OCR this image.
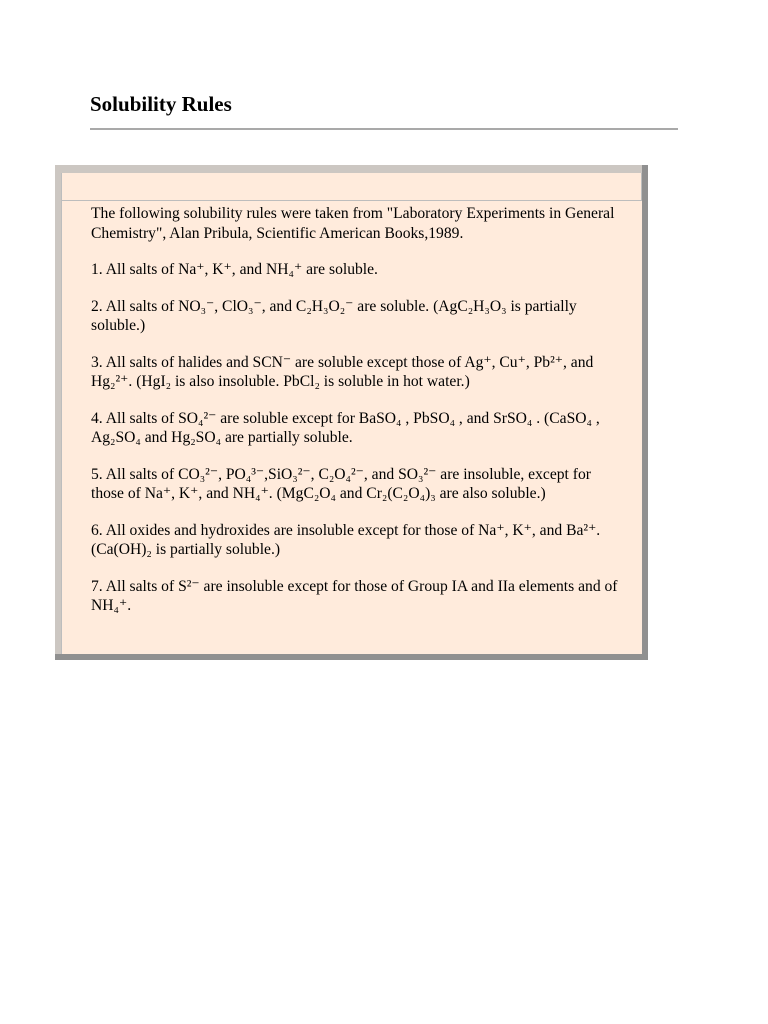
Solubility Rules

The following solubility rules were taken from "Laboratory Experiments in General Chemistry", Alan Pribula, Scientific American Books,1989.

1. All salts of Na⁺, K⁺, and NH₄⁺ are soluble.

2. All salts of NO₃⁻, ClO₃⁻, and C₂H₃O₂⁻ are soluble. (AgC₂H₃O₃ is partially soluble.)

3. All salts of halides and SCN⁻ are soluble except those of Ag⁺, Cu⁺, Pb²⁺, and Hg₂²⁺. (HgI₂ is also insoluble. PbCl₂ is soluble in hot water.)

4. All salts of SO₄²⁻ are soluble except for BaSO₄ , PbSO₄ , and SrSO₄ . (CaSO₄ , Ag₂SO₄ and Hg₂SO₄ are partially soluble.

5. All salts of CO₃²⁻, PO₄³⁻,SiO₃²⁻, C₂O₄²⁻, and SO₃²⁻ are insoluble, except for those of Na⁺, K⁺, and NH₄⁺. (MgC₂O₄ and Cr₂(C₂O₄)₃ are also soluble.)

6. All oxides and hydroxides are insoluble except for those of Na⁺, K⁺, and Ba²⁺. (Ca(OH)₂ is partially soluble.)

7. All salts of S²⁻ are insoluble except for those of Group IA and IIa elements and of NH₄⁺.
